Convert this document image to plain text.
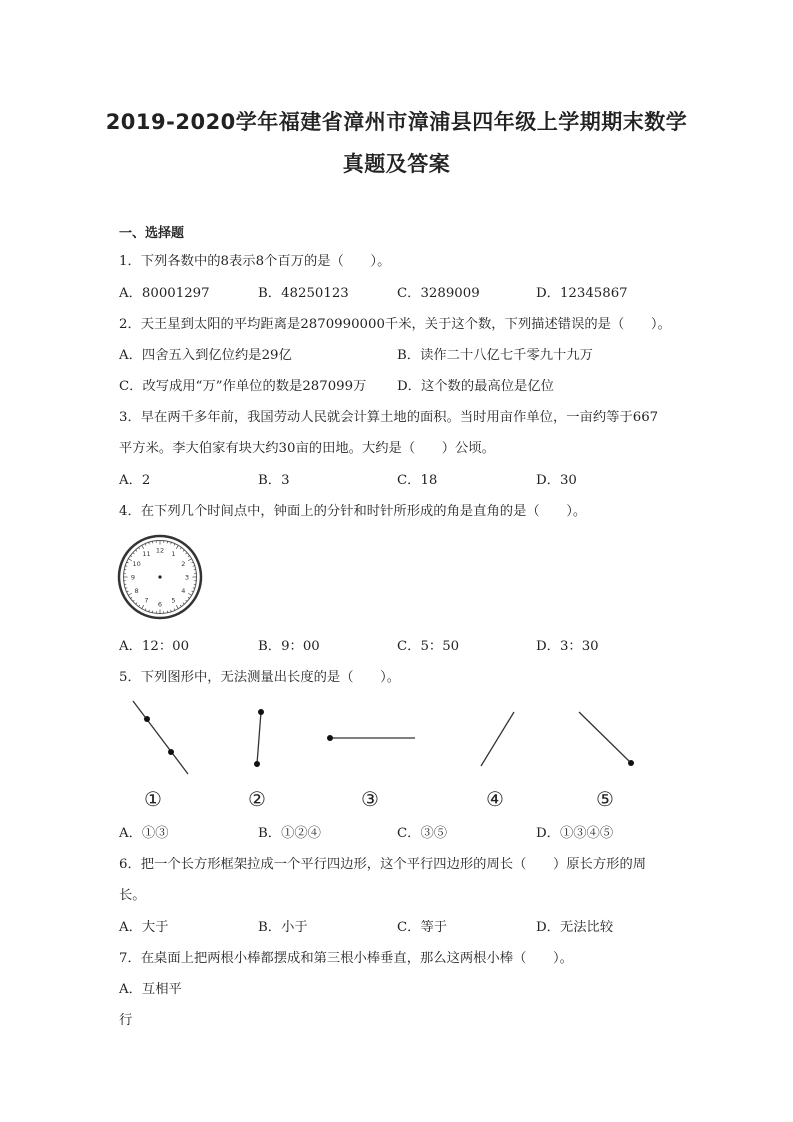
2019-2020学年福建省漳州市漳浦县四年级上学期期末数学
真题及答案
一、选择题
1．下列各数中的8表示8个百万的是（　　）。
A．80001297	B．48250123	C．3289009	D．12345867
2．天王星到太阳的平均距离是2870990000千米，关于这个数，下列描述错误的是（　　）。
A．四舍五入到亿位约是29亿	B．读作二十八亿七千零九十九万
C．改写成用“万”作单位的数是287099万 D．这个数的最高位是亿位
3．早在两千多年前，我国劳动人民就会计算土地的面积。当时用亩作单位，一亩约等于667
平方米。李大伯家有块大约30亩的田地。大约是（　　）公顷。
A．2	B．3	C．18	D．30
4．在下列几个时间点中，钟面上的分针和时针所形成的角是直角的是（　　）。
12 1
2
3
4
5
6
7
8
9
10
11
A．12：00	B．9：00	C．5：50	D．3：30
5．下列图形中，无法测量出长度的是（　　）。
①	②	③	④	⑤
A．①③	B．①②④	C．③⑤	D．①③④⑤
6．把一个长方形框架拉成一个平行四边形，这个平行四边形的周长（　　）原长方形的周
长。
A．大于	B．小于	C．等于	D．无法比较
7．在桌面上把两根小棒都摆成和第三根小棒垂直，那么这两根小棒（　　）。
A．互相平
行
